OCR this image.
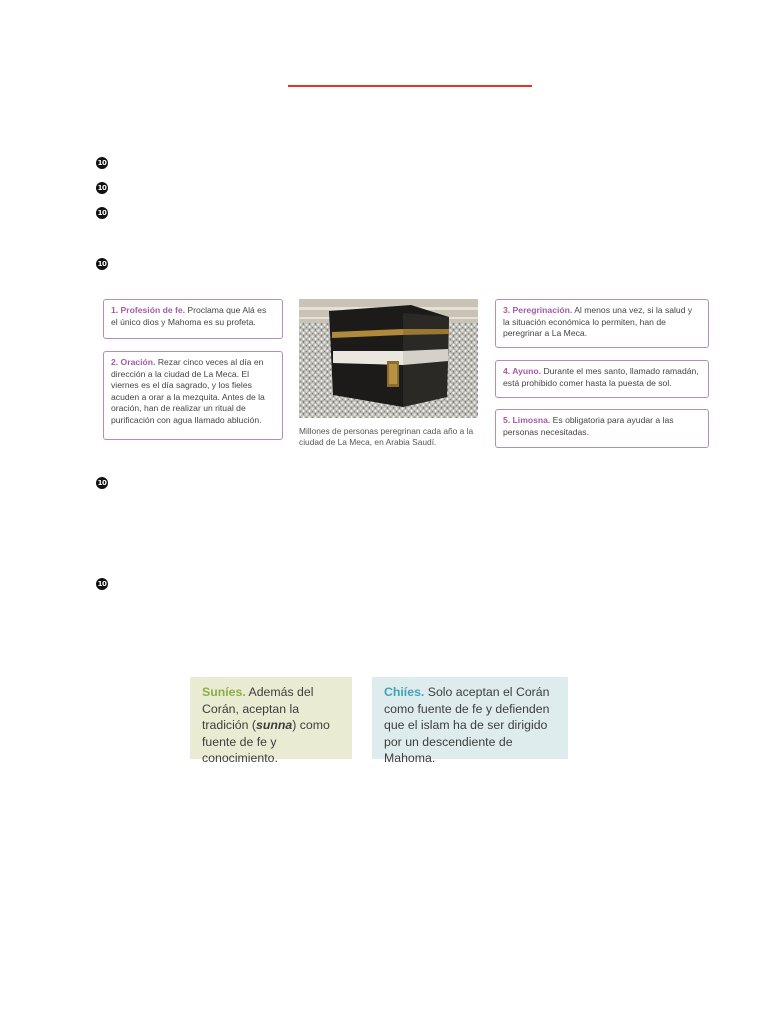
10
10
10
10
10
10
1. Profesión de fe. Proclama que Alá es el único dios y Mahoma es su profeta.
2. Oración. Rezar cinco veces al día en dirección a la ciudad de La Meca. El viernes es el día sagrado, y los fieles acuden a orar a la mezquita. Antes de la oración, han de realizar un ritual de purificación con agua llamado ablución.
3. Peregrinación. Al menos una vez, si la salud y la situación económica lo permiten, han de peregrinar a La Meca.
4. Ayuno. Durante el mes santo, llamado ramadán, está prohibido comer hasta la puesta de sol.
5. Limosna. Es obligatoria para ayudar a las personas necesitadas.
Millones de personas peregrinan cada año a la ciudad de La Meca, en Arabia Saudí.
Suníes. Además del Corán, aceptan la tradición (sunna) como fuente de fe y conocimiento.
Chiíes. Solo aceptan el Corán como fuente de fe y defienden que el islam ha de ser dirigido por un descendiente de Mahoma.
